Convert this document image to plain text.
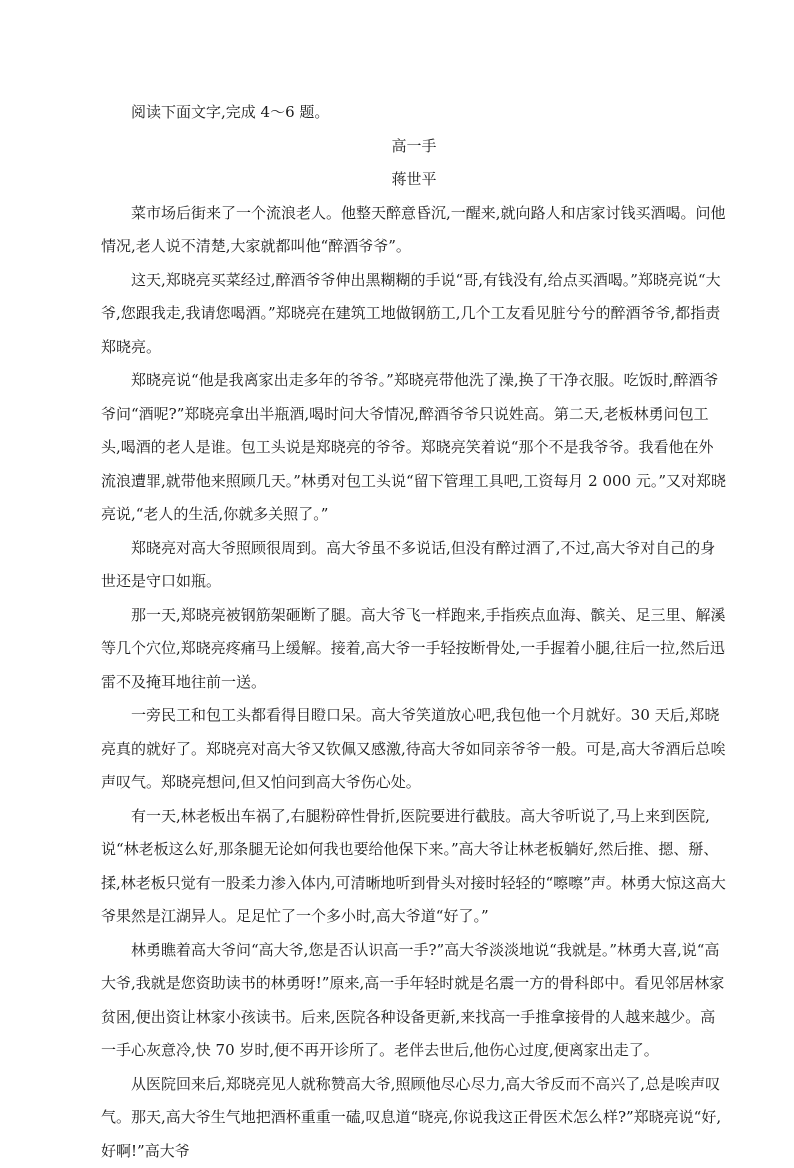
阅读下面文字,完成 4～6 题。

高一手

蒋世平

菜市场后街来了一个流浪老人。他整天醉意昏沉,一醒来,就向路人和店家讨钱买酒喝。问他情况,老人说不清楚,大家就都叫他“醉酒爷爷”。

这天,郑晓亮买菜经过,醉酒爷爷伸出黑糊糊的手说“哥,有钱没有,给点买酒喝。”郑晓亮说“大爷,您跟我走,我请您喝酒。”郑晓亮在建筑工地做钢筋工,几个工友看见脏兮兮的醉酒爷爷,都指责郑晓亮。

郑晓亮说“他是我离家出走多年的爷爷。”郑晓亮带他洗了澡,换了干净衣服。吃饭时,醉酒爷爷问“酒呢?”郑晓亮拿出半瓶酒,喝时问大爷情况,醉酒爷爷只说姓高。第二天,老板林勇问包工头,喝酒的老人是谁。包工头说是郑晓亮的爷爷。郑晓亮笑着说“那个不是我爷爷。我看他在外流浪遭罪,就带他来照顾几天。”林勇对包工头说“留下管理工具吧,工资每月 2 000 元。”又对郑晓亮说,“老人的生活,你就多关照了。”

郑晓亮对高大爷照顾很周到。高大爷虽不多说话,但没有醉过酒了,不过,高大爷对自己的身世还是守口如瓶。

那一天,郑晓亮被钢筋架砸断了腿。高大爷飞一样跑来,手指疾点血海、髌关、足三里、解溪等几个穴位,郑晓亮疼痛马上缓解。接着,高大爷一手轻按断骨处,一手握着小腿,往后一拉,然后迅雷不及掩耳地往前一送。

一旁民工和包工头都看得目瞪口呆。高大爷笑道放心吧,我包他一个月就好。30 天后,郑晓亮真的就好了。郑晓亮对高大爷又钦佩又感激,待高大爷如同亲爷爷一般。可是,高大爷酒后总唉声叹气。郑晓亮想问,但又怕问到高大爷伤心处。

有一天,林老板出车祸了,右腿粉碎性骨折,医院要进行截肢。高大爷听说了,马上来到医院,说“林老板这么好,那条腿无论如何我也要给他保下来。”高大爷让林老板躺好,然后推、摁、掰、揉,林老板只觉有一股柔力渗入体内,可清晰地听到骨头对接时轻轻的“嚓嚓”声。林勇大惊这高大爷果然是江湖异人。足足忙了一个多小时,高大爷道“好了。”

林勇瞧着高大爷问“高大爷,您是否认识高一手?”高大爷淡淡地说“我就是。”林勇大喜,说“高大爷,我就是您资助读书的林勇呀!”原来,高一手年轻时就是名震一方的骨科郎中。看见邻居林家贫困,便出资让林家小孩读书。后来,医院各种设备更新,来找高一手推拿接骨的人越来越少。高一手心灰意冷,快 70 岁时,便不再开诊所了。老伴去世后,他伤心过度,便离家出走了。

从医院回来后,郑晓亮见人就称赞高大爷,照顾他尽心尽力,高大爷反而不高兴了,总是唉声叹气。那天,高大爷生气地把酒杯重重一磕,叹息道“晓亮,你说我这正骨医术怎么样?”郑晓亮说“好,好啊!”高大爷
